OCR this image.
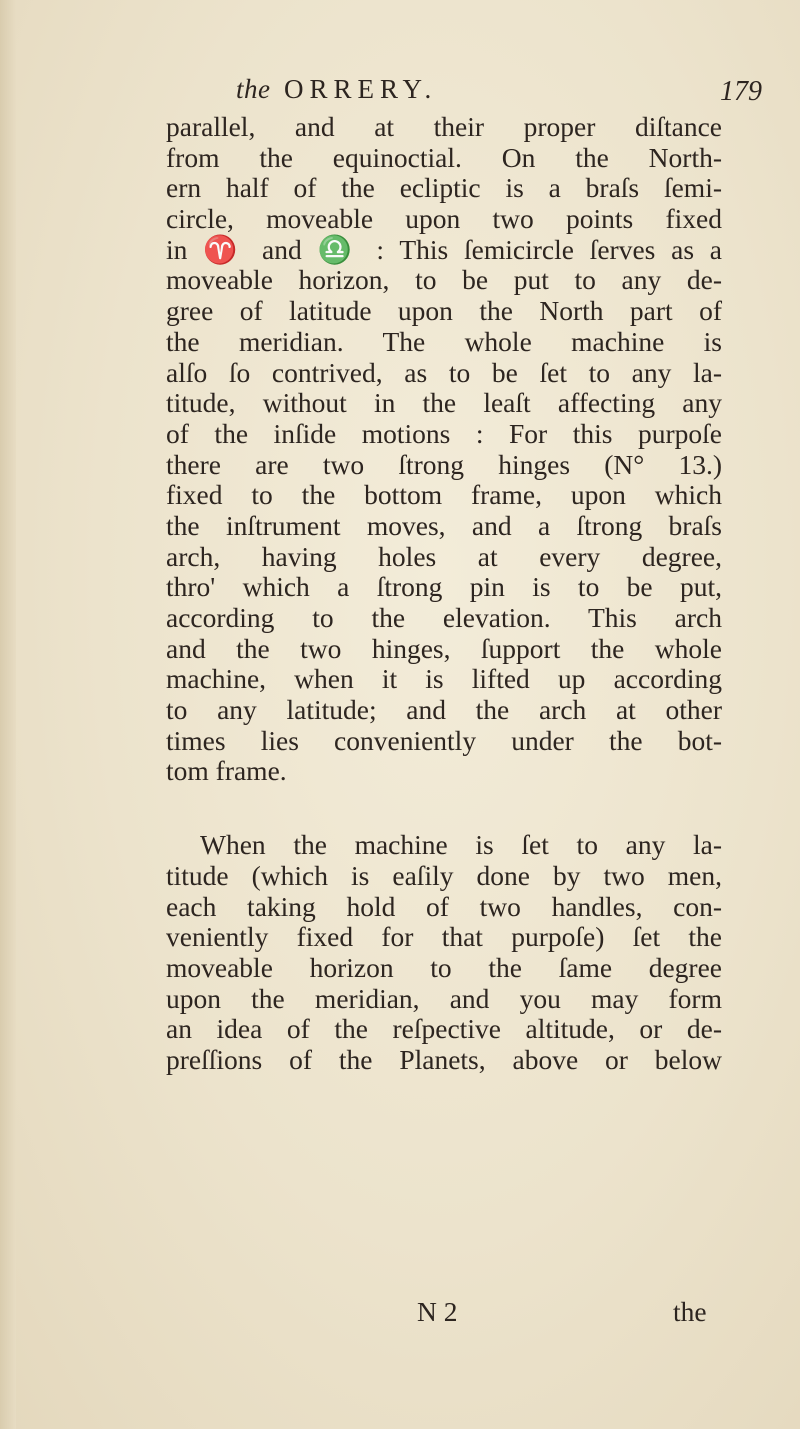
the ORRERY.	179
parallel, and at their proper diſtance
from the equinoctial. On the North-
ern half of the ecliptic is a braſs ſemi-
circle, moveable upon two points fixed
in ♈ and ♎ : This ſemicircle ſerves as a
moveable horizon, to be put to any de-
gree of latitude upon the North part of
the meridian. The whole machine is
alſo ſo contrived, as to be ſet to any la-
titude, without in the leaſt affecting any
of the inſide motions : For this purpoſe
there are two ſtrong hinges (N° 13.)
fixed to the bottom frame, upon which
the inſtrument moves, and a ſtrong braſs
arch, having holes at every degree,
thro' which a ſtrong pin is to be put,
according to the elevation. This arch
and the two hinges, ſupport the whole
machine, when it is lifted up according
to any latitude; and the arch at other
times lies conveniently under the bot-
tom frame.
When the machine is ſet to any la-
titude (which is eaſily done by two men,
each taking hold of two handles, con-
veniently fixed for that purpoſe) ſet the
moveable horizon to the ſame degree
upon the meridian, and you may form
an idea of the reſpective altitude, or de-
preſſions of the Planets, above or below
N 2	the
